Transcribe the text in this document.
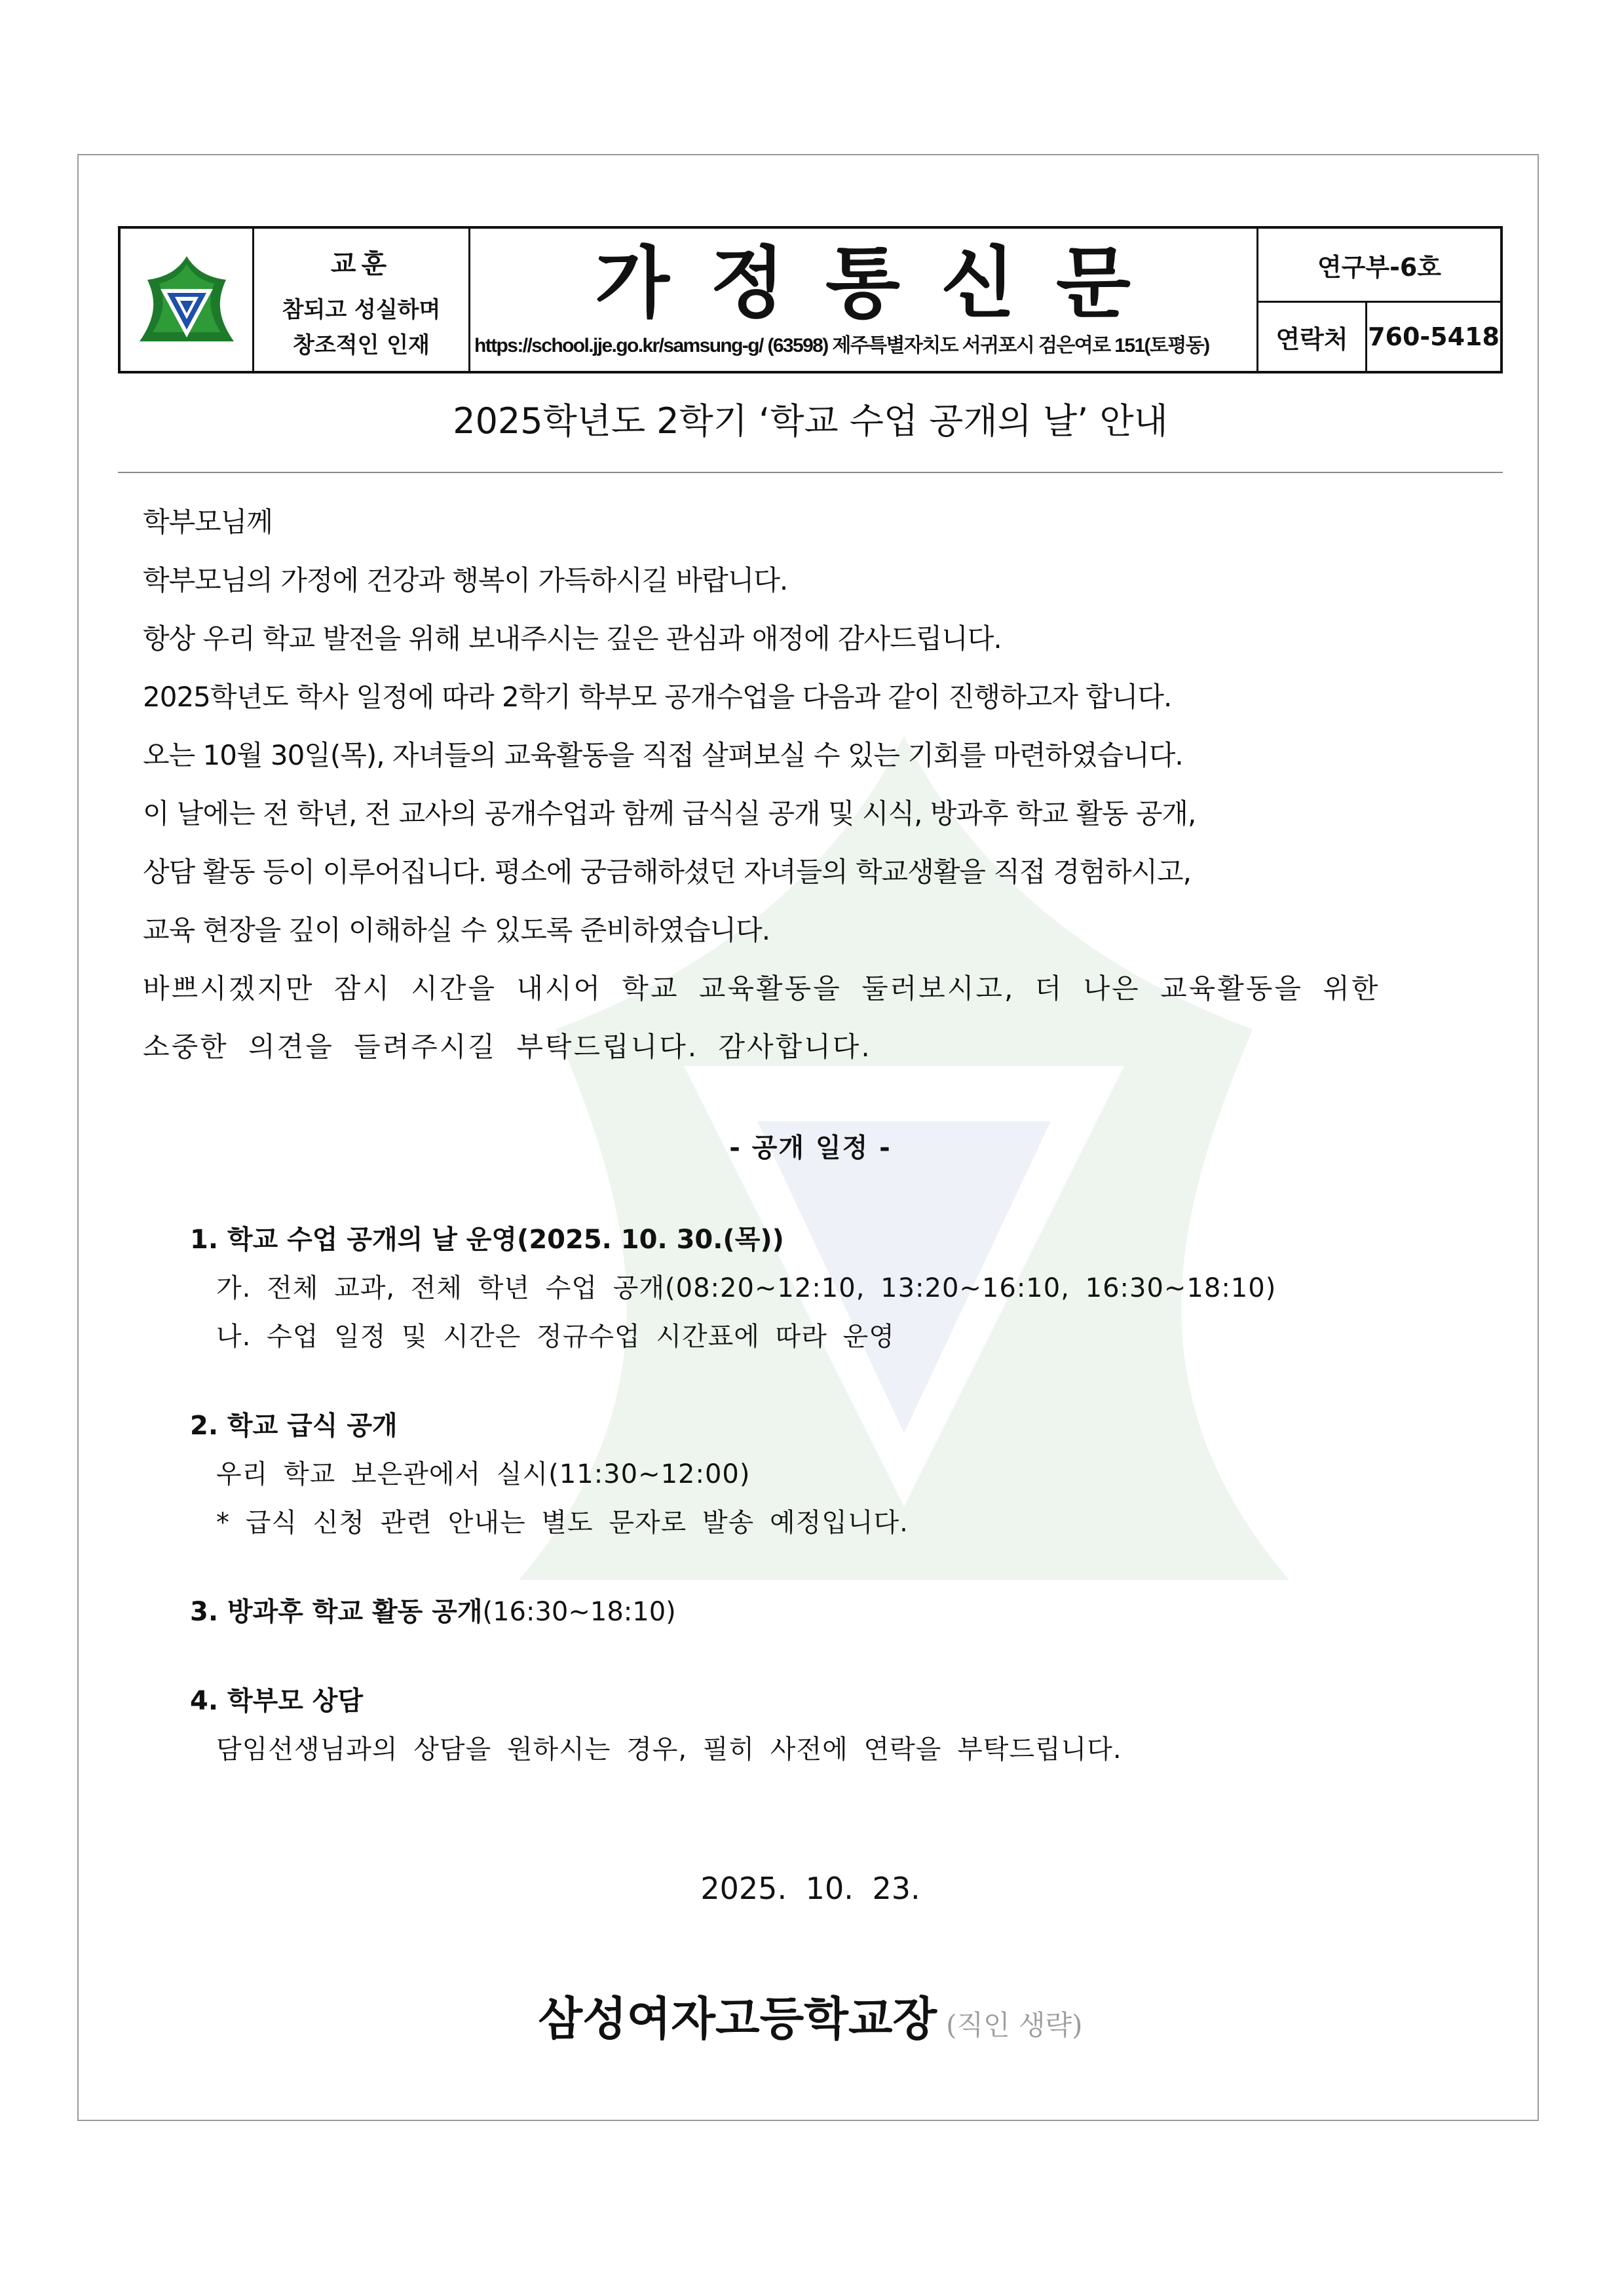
교훈
참되고 성실하며
창조적인 인재
가정통신문
https://school.jje.go.kr/samsung-g/ (63598) 제주특별자치도 서귀포시 검은여로 151(토평동)
연구부-6호
연락처 760-5418
2025학년도 2학기 ‘학교 수업 공개의 날’ 안내

학부모님께

학부모님의 가정에 건강과 행복이 가득하시길 바랍니다.

항상 우리 학교 발전을 위해 보내주시는 깊은 관심과 애정에 감사드립니다.

2025학년도 학사 일정에 따라 2학기 학부모 공개수업을 다음과 같이 진행하고자 합니다.

오는 10월 30일(목), 자녀들의 교육활동을 직접 살펴보실 수 있는 기회를 마련하였습니다.

이 날에는 전 학년, 전 교사의 공개수업과 함께 급식실 공개 및 시식, 방과후 학교 활동 공개,

상담 활동 등이 이루어집니다. 평소에 궁금해하셨던 자녀들의 학교생활을 직접 경험하시고,

교육 현장을 깊이 이해하실 수 있도록 준비하였습니다.

바쁘시겠지만 잠시 시간을 내시어 학교 교육활동을 둘러보시고, 더 나은 교육활동을 위한

소중한 의견을 들려주시길 부탁드립니다. 감사합니다.

- 공개 일정 -
1. 학교 수업 공개의 날 운영(2025. 10. 30.(목))
가. 전체 교과, 전체 학년 수업 공개(08:20~12:10, 13:20~16:10, 16:30~18:10)
나. 수업 일정 및 시간은 정규수업 시간표에 따라 운영
2. 학교 급식 공개
우리 학교 보은관에서 실시(11:30~12:00)
* 급식 신청 관련 안내는 별도 문자로 발송 예정입니다.
3. 방과후 학교 활동 공개(16:30~18:10)
4. 학부모 상담
담임선생님과의 상담을 원하시는 경우, 필히 사전에 연락을 부탁드립니다.
2025. 10. 23.
삼성여자고등학교장 (직인 생략)
